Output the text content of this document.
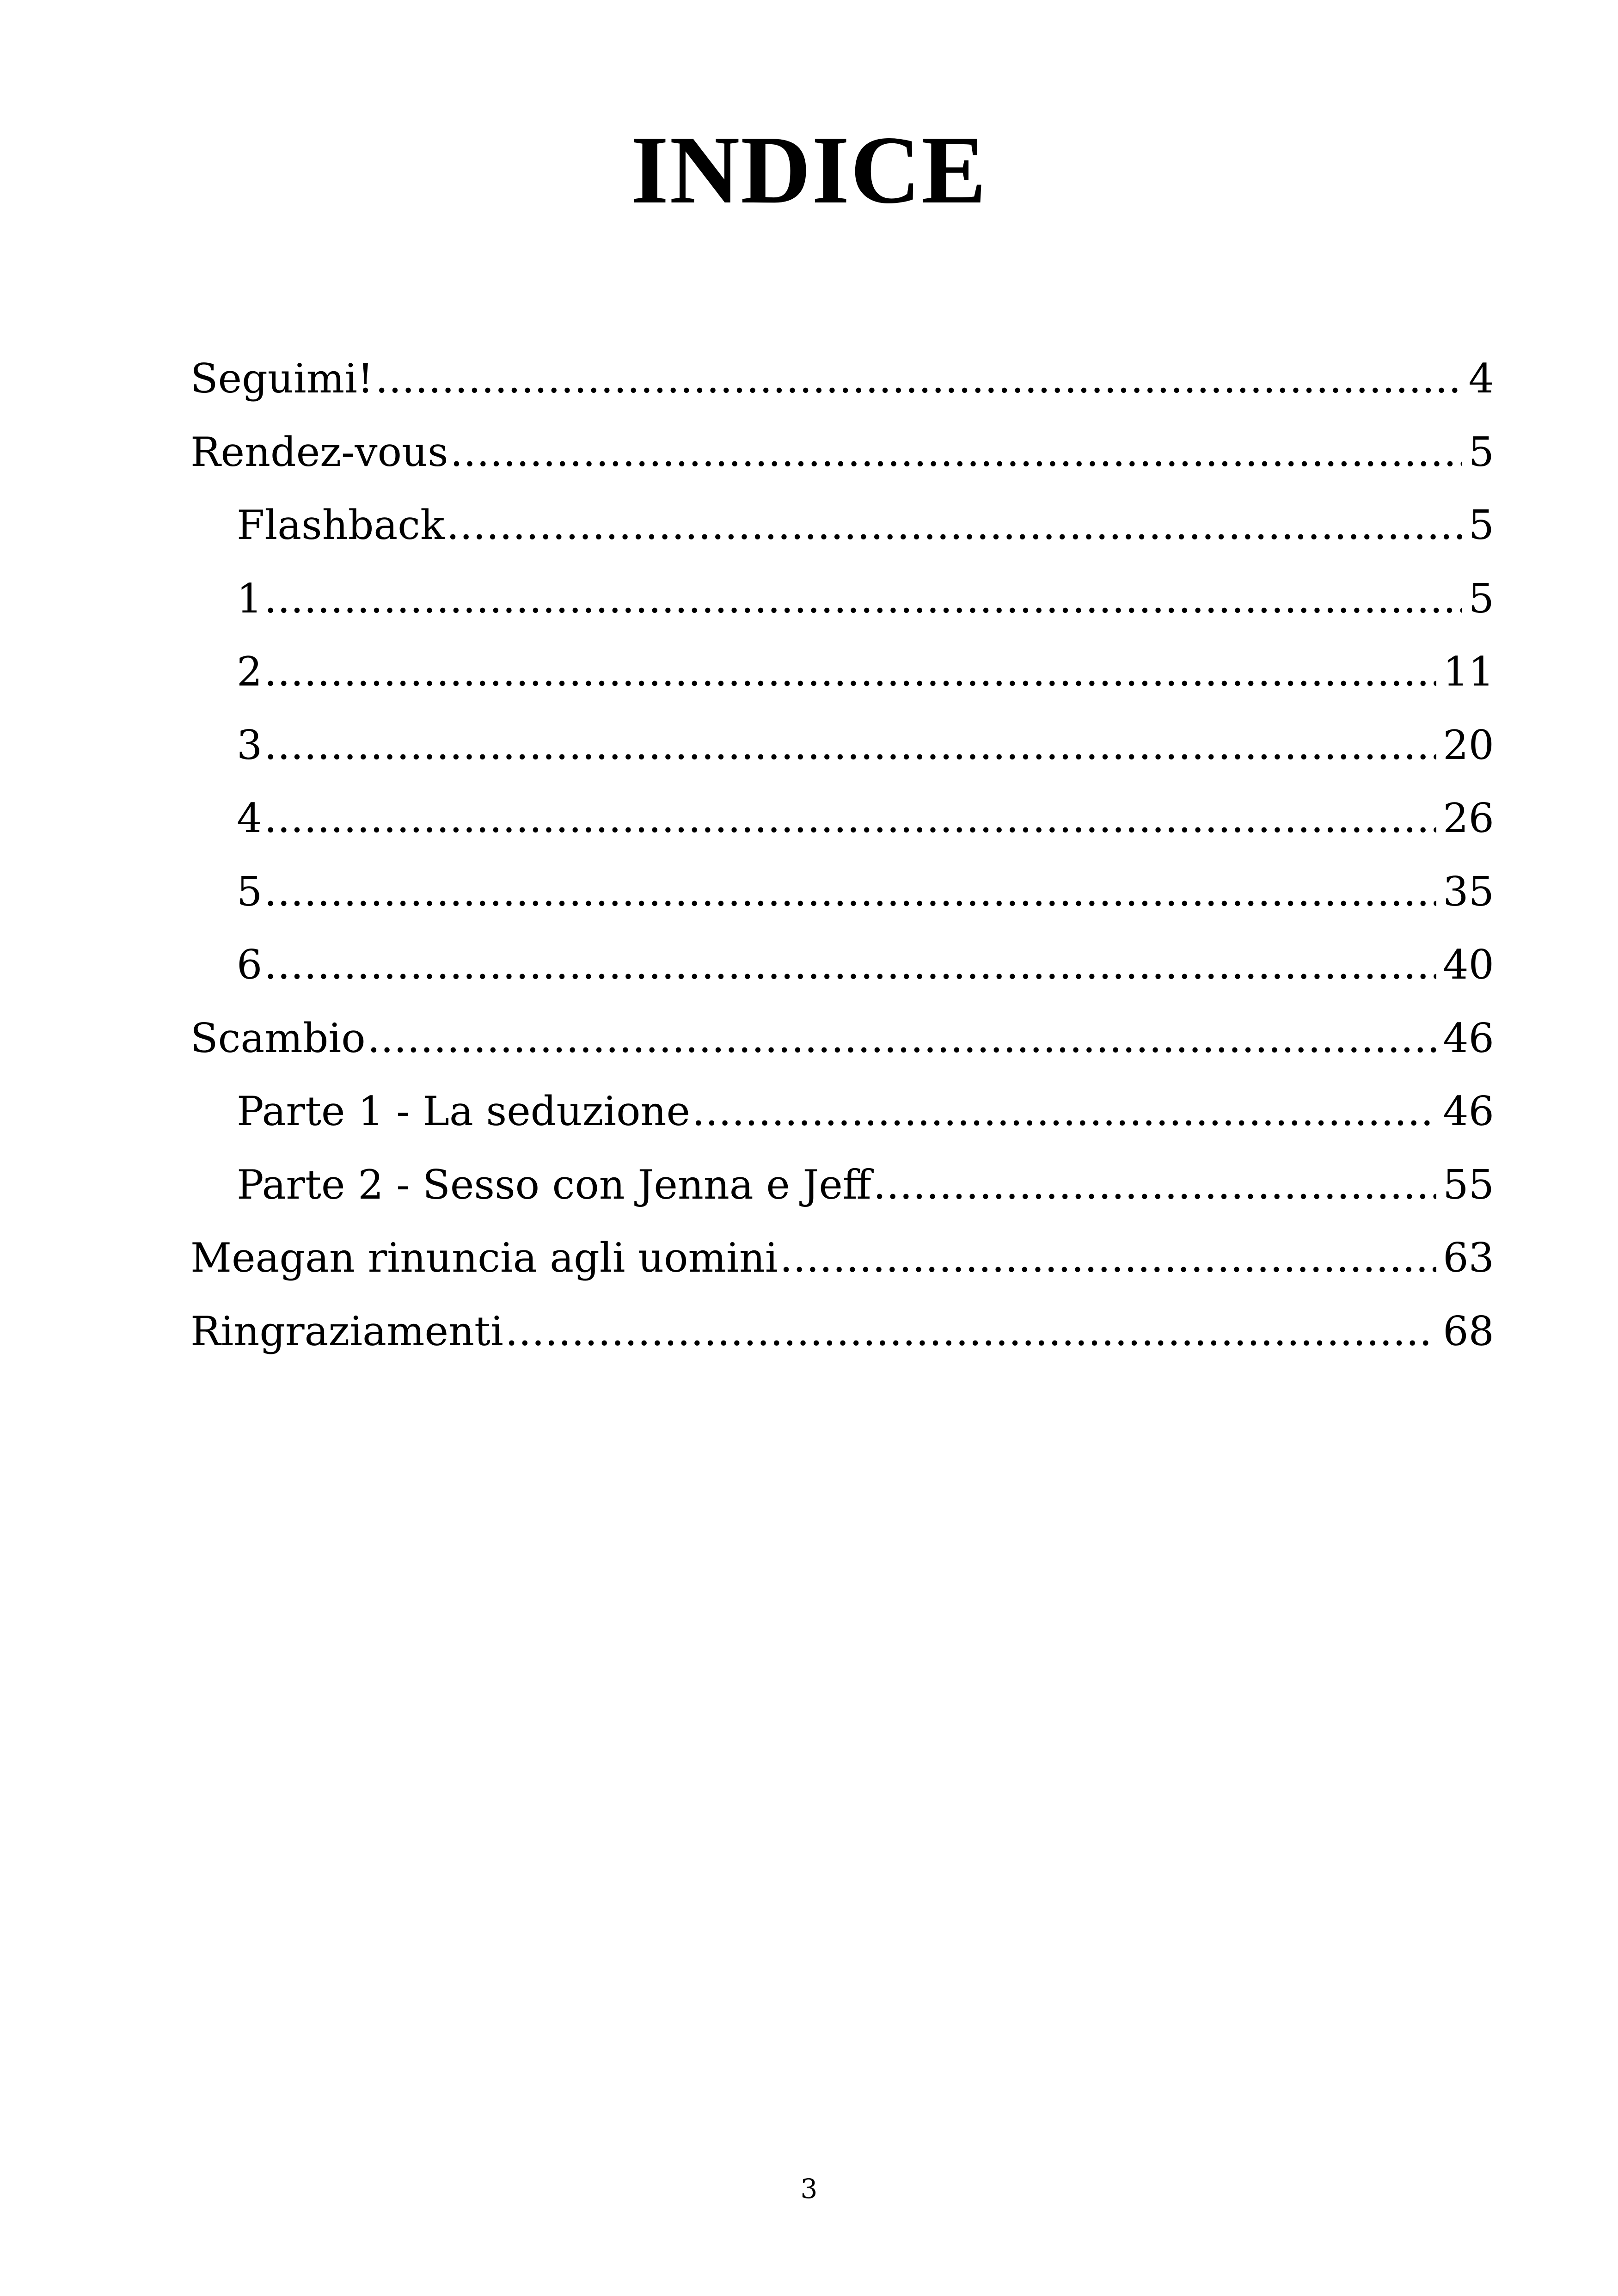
INDICE
Seguimi! .....	4
Rendez-vous .....	5
Flashback .....	5
1 .....	5
2 .....	11
3 .....	20
4 .....	26
5 .....	35
6 .....	40
Scambio .....	46
Parte 1 - La seduzione .....	46
Parte 2 - Sesso con Jenna e Jeff .....	55
Meagan rinuncia agli uomini .....	63
Ringraziamenti .....	68
3
